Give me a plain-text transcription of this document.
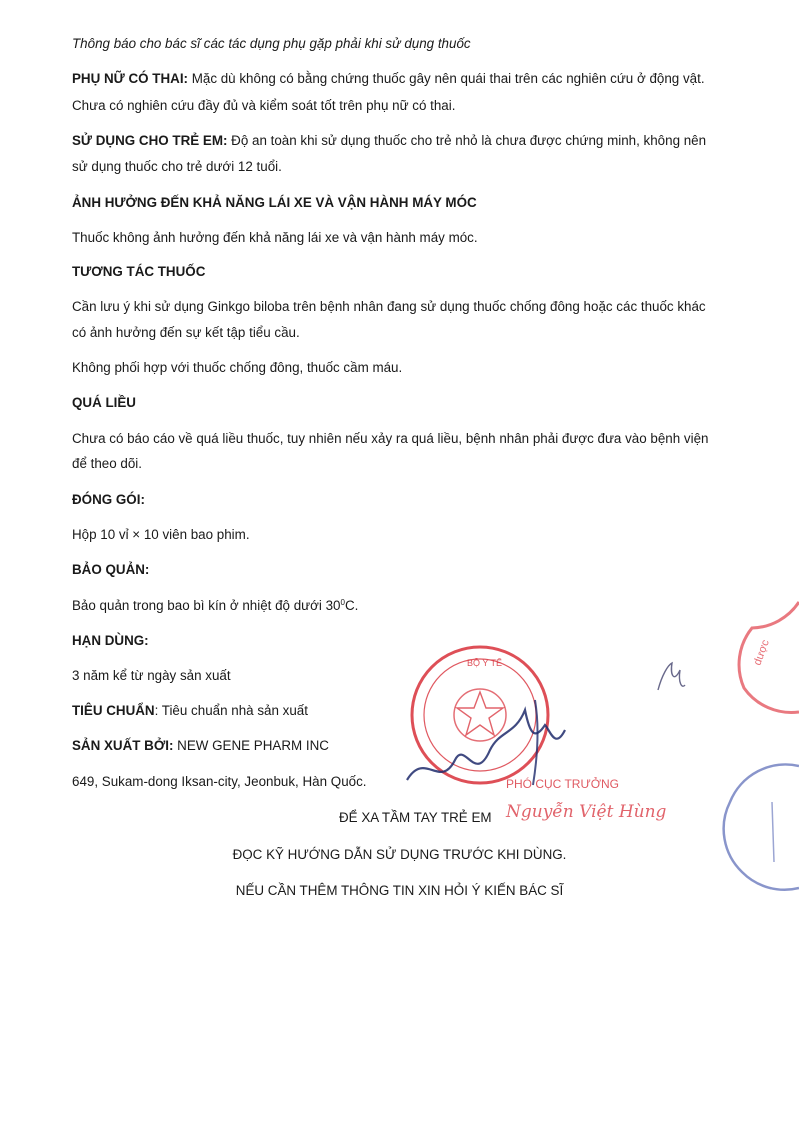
BỘ Y TẾ	dược

Thông báo cho bác sĩ các tác dụng phụ gặp phải khi sử dụng thuốc

PHỤ NỮ CÓ THAI: Mặc dù không có bằng chứng thuốc gây nên quái thai trên các nghiên cứu ở động vật.

Chưa có nghiên cứu đầy đủ và kiểm soát tốt trên phụ nữ có thai.

SỬ DỤNG CHO TRẺ EM: Độ an toàn khi sử dụng thuốc cho trẻ nhỏ là chưa được chứng minh, không nên

sử dụng thuốc cho trẻ dưới 12 tuổi.

ẢNH HƯỞNG ĐẾN KHẢ NĂNG LÁI XE VÀ VẬN HÀNH MÁY MÓC

Thuốc không ảnh hưởng đến khả năng lái xe và vận hành máy móc.

TƯƠNG TÁC THUỐC

Cần lưu ý khi sử dụng Ginkgo biloba trên bệnh nhân đang sử dụng thuốc chống đông hoặc các thuốc khác

có ảnh hưởng đến sự kết tập tiểu cầu.

Không phối hợp với thuốc chống đông, thuốc cầm máu.

QUÁ LIỀU

Chưa có báo cáo về quá liều thuốc, tuy nhiên nếu xảy ra quá liều, bệnh nhân phải được đưa vào bệnh viện

để theo dõi.

ĐÓNG GÓI:

Hộp 10 vỉ × 10 viên bao phim.

BẢO QUẢN:

Bảo quản trong bao bì kín ở nhiệt độ dưới $30^0C$.

HẠN DÙNG:

3 năm kể từ ngày sản xuất

TIÊU CHUẨN: Tiêu chuẩn nhà sản xuất

SẢN XUẤT BỞI: NEW GENE PHARM INC

649, Sukam-dong Iksan-city, Jeonbuk, Hàn Quốc.	PHÓ CỤC TRƯỞNG

Nguyễn Việt Hùng

ĐỂ XA TẦM TAY TRẺ EM

ĐỌC KỸ HƯỚNG DẪN SỬ DỤNG TRƯỚC KHI DÙNG.

NẾU CẦN THÊM THÔNG TIN XIN HỎI Ý KIẾN BÁC SĨ
